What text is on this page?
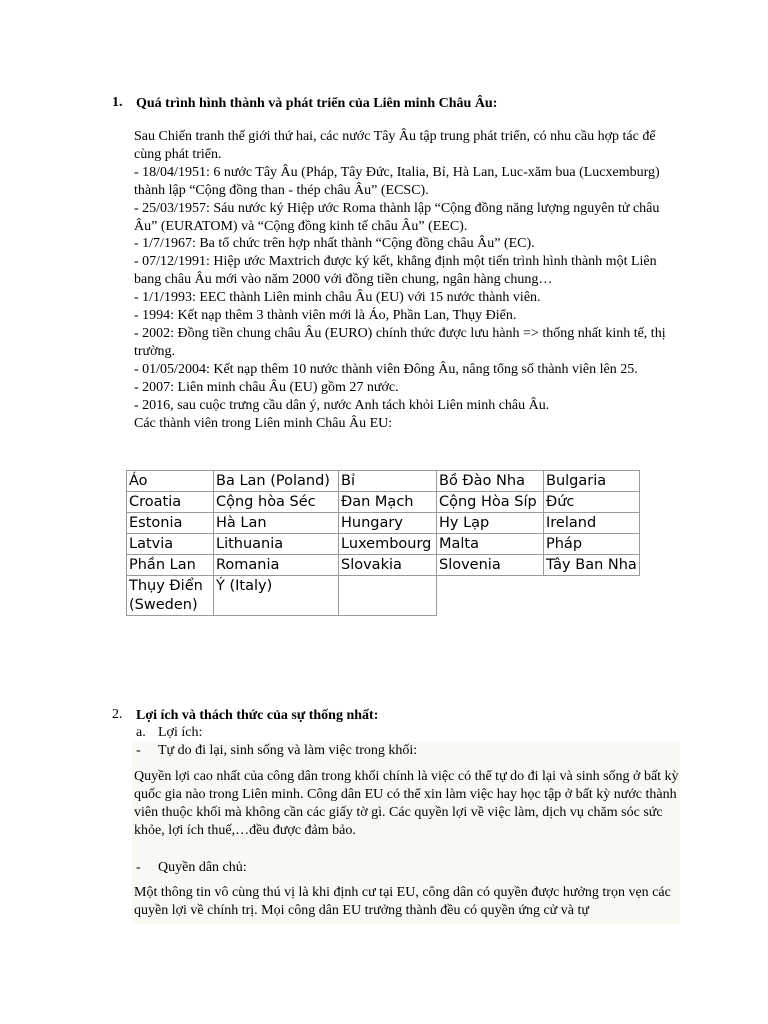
1. Quá trình hình thành và phát triển của Liên minh Châu Âu:
Sau Chiến tranh thế giới thứ hai, các nước Tây Âu tập trung phát triển, có nhu cầu hợp tác để cùng phát triển.
- 18/04/1951: 6 nước Tây Âu (Pháp, Tây Đức, Italia, Bỉ, Hà Lan, Luc-xăm bua (Lucxemburg) thành lập “Cộng đồng than - thép châu Âu” (ECSC).
- 25/03/1957: Sáu nước ký Hiệp ước Roma thành lập “Cộng đồng năng lượng nguyên tử châu Âu” (EURATOM) và “Cộng đồng kinh tế châu Âu” (EEC).
- 1/7/1967: Ba tổ chức trên hợp nhất thành “Cộng đồng châu Âu” (EC).
- 07/12/1991: Hiệp ước Maxtrich được ký kết, khẳng định một tiến trình hình thành một Liên bang châu Âu mới vào năm 2000 với đồng tiền chung, ngân hàng chung…
- 1/1/1993: EEC thành Liên minh châu Âu (EU) với 15 nước thành viên.
- 1994: Kết nạp thêm 3 thành viên mới là Áo, Phần Lan, Thụy Điển.
- 2002: Đồng tiền chung châu Âu (EURO) chính thức được lưu hành => thống nhất kinh tế, thị trường.
- 01/05/2004: Kết nạp thêm 10 nước thành viên Đông Âu, nâng tổng số thành viên lên 25.
- 2007: Liên minh châu Âu (EU) gồm 27 nước.
- 2016, sau cuộc trưng cầu dân ý, nước Anh tách khỏi Liên minh châu Âu.
Các thành viên trong Liên minh Châu Âu EU:
Áo	Ba Lan (Poland)	Bỉ	Bồ Đào Nha	Bulgaria
Croatia	Cộng hòa Séc	Đan Mạch	Cộng Hòa Síp	Đức
Estonia	Hà Lan	Hungary	Hy Lạp	Ireland
Latvia	Lithuania	Luxembourg	Malta	Pháp
Phần Lan	Romania	Slovakia	Slovenia	Tây Ban Nha
Thụy Điển (Sweden)	Ý (Italy)			
2. Lợi ích và thách thức của sự thống nhất:
a. Lợi ích:
- Tự do đi lại, sinh sống và làm việc trong khối:
Quyền lợi cao nhất của công dân trong khối chính là việc có thể tự do đi lại và sinh sống ở bất kỳ quốc gia nào trong Liên minh. Công dân EU có thể xin làm việc hay học tập ở bất kỳ nước thành viên thuộc khối mà không cần các giấy tờ gì. Các quyền lợi về việc làm, dịch vụ chăm sóc sức khỏe, lợi ích thuế,…đều được đảm bảo.
- Quyền dân chủ:
Một thông tin vô cùng thú vị là khi định cư tại EU, công dân có quyền được hưởng trọn vẹn các quyền lợi về chính trị. Mọi công dân EU trưởng thành đều có quyền ứng cử và tự
